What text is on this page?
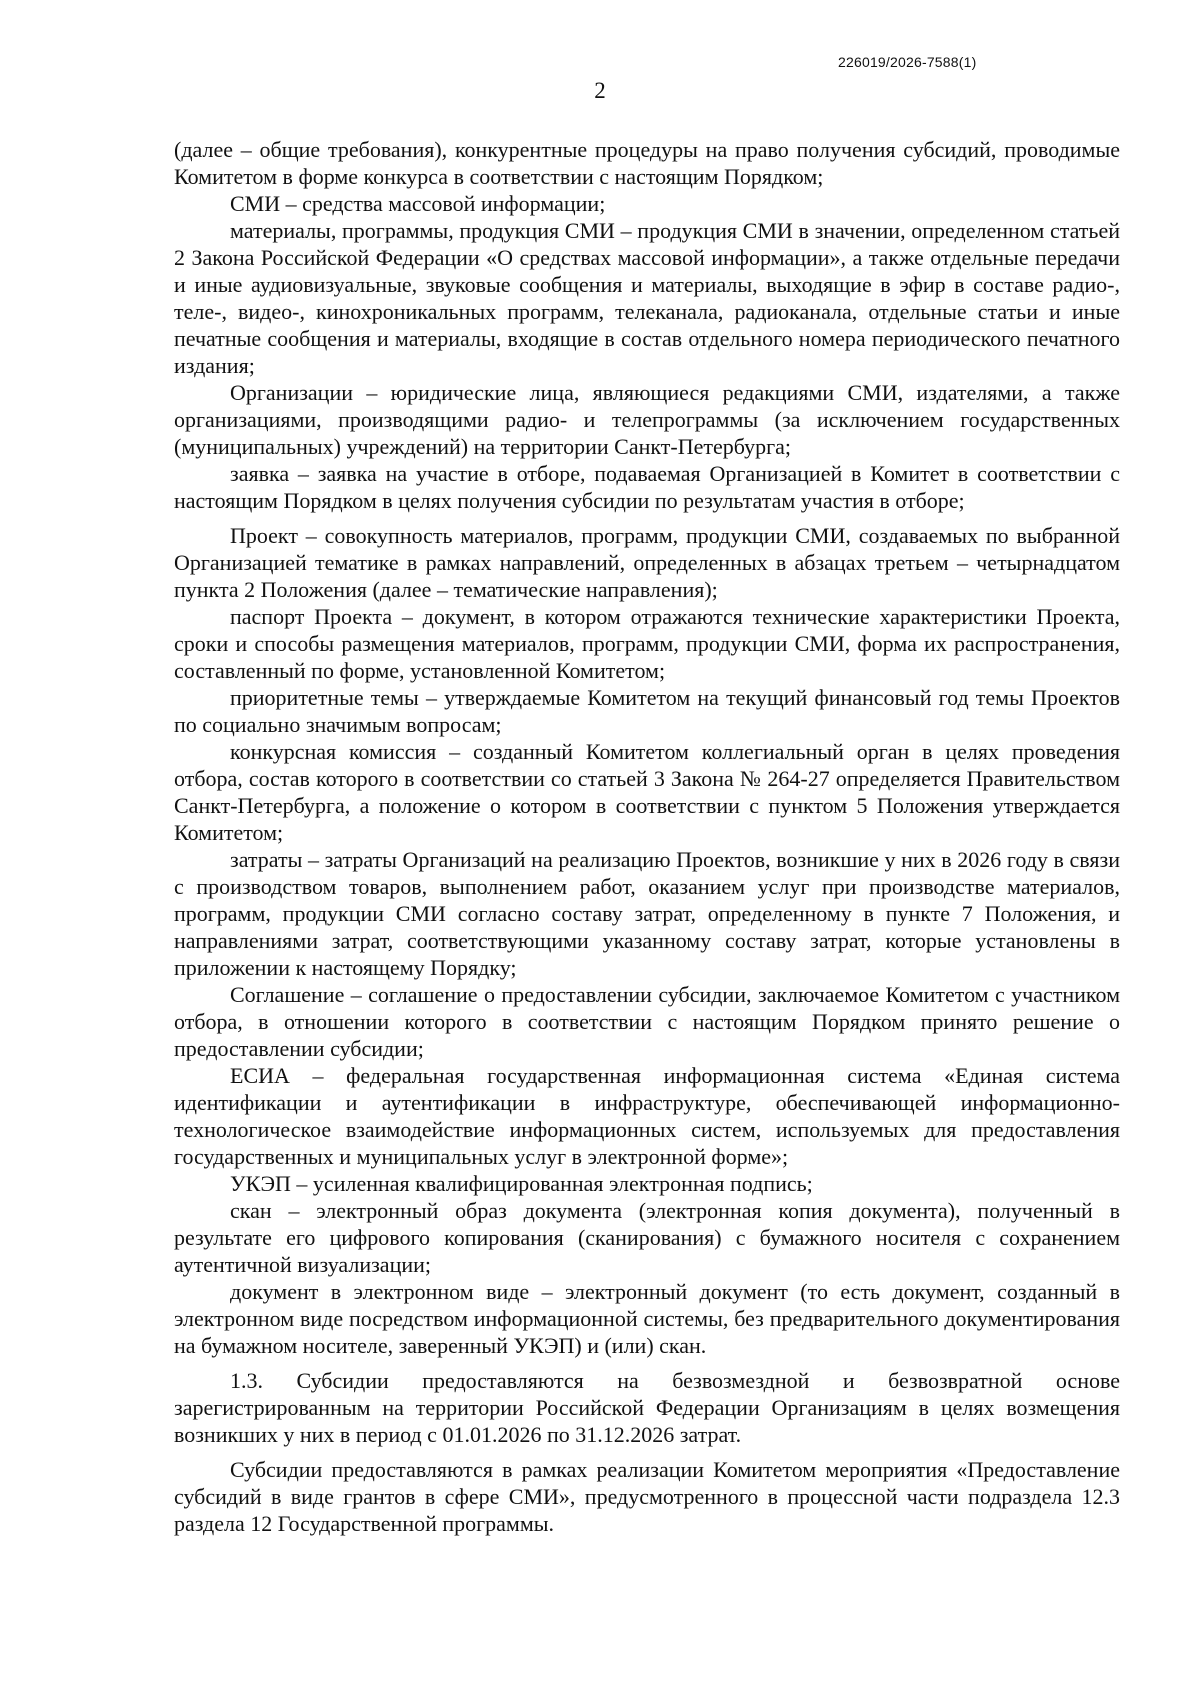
226019/2026-7588(1)
2

(далее – общие требования), конкурентные процедуры на право получения субсидий, проводимые Комитетом в форме конкурса в соответствии с настоящим Порядком;

СМИ – средства массовой информации;

материалы, программы, продукция СМИ – продукция СМИ в значении, определенном статьей 2 Закона Российской Федерации «О средствах массовой информации», а также отдельные передачи и иные аудиовизуальные, звуковые сообщения и материалы, выходящие в эфир в составе радио-, теле-, видео-, кинохроникальных программ, телеканала, радиоканала, отдельные статьи и иные печатные сообщения и материалы, входящие в состав отдельного номера периодического печатного издания;

Организации – юридические лица, являющиеся редакциями СМИ, издателями, а также организациями, производящими радио- и телепрограммы (за исключением государственных (муниципальных) учреждений) на территории Санкт-Петербурга;

заявка – заявка на участие в отборе, подаваемая Организацией в Комитет в соответствии с настоящим Порядком в целях получения субсидии по результатам участия в отборе;

Проект – совокупность материалов, программ, продукции СМИ, создаваемых по выбранной Организацией тематике в рамках направлений, определенных в абзацах третьем – четырнадцатом пункта 2 Положения (далее – тематические направления);

паспорт Проекта – документ, в котором отражаются технические характеристики Проекта, сроки и способы размещения материалов, программ, продукции СМИ, форма их распространения, составленный по форме, установленной Комитетом;

приоритетные темы – утверждаемые Комитетом на текущий финансовый год темы Проектов по социально значимым вопросам;

конкурсная комиссия – созданный Комитетом коллегиальный орган в целях проведения отбора, состав которого в соответствии со статьей 3 Закона № 264-27 определяется Правительством Санкт-Петербурга, а положение о котором в соответствии с пунктом 5 Положения утверждается Комитетом;

затраты – затраты Организаций на реализацию Проектов, возникшие у них в 2026 году в связи с производством товаров, выполнением работ, оказанием услуг при производстве материалов, программ, продукции СМИ согласно составу затрат, определенному в пункте 7 Положения, и направлениями затрат, соответствующими указанному составу затрат, которые установлены в приложении к настоящему Порядку;

Соглашение – соглашение о предоставлении субсидии, заключаемое Комитетом с участником отбора, в отношении которого в соответствии с настоящим Порядком принято решение о предоставлении субсидии;

ЕСИА – федеральная государственная информационная система «Единая система идентификации и аутентификации в инфраструктуре, обеспечивающей информационно-технологическое взаимодействие информационных систем, используемых для предоставления государственных и муниципальных услуг в электронной форме»;

УКЭП – усиленная квалифицированная электронная подпись;

скан – электронный образ документа (электронная копия документа), полученный в результате его цифрового копирования (сканирования) с бумажного носителя с сохранением аутентичной визуализации;

документ в электронном виде – электронный документ (то есть документ, созданный в электронном виде посредством информационной системы, без предварительного документирования на бумажном носителе, заверенный УКЭП) и (или) скан.

1.3. Субсидии предоставляются на безвозмездной и безвозвратной основе зарегистрированным на территории Российской Федерации Организациям в целях возмещения возникших у них в период с 01.01.2026 по 31.12.2026 затрат.

Субсидии предоставляются в рамках реализации Комитетом мероприятия «Предоставление субсидий в виде грантов в сфере СМИ», предусмотренного в процессной части подраздела 12.3 раздела 12 Государственной программы.
